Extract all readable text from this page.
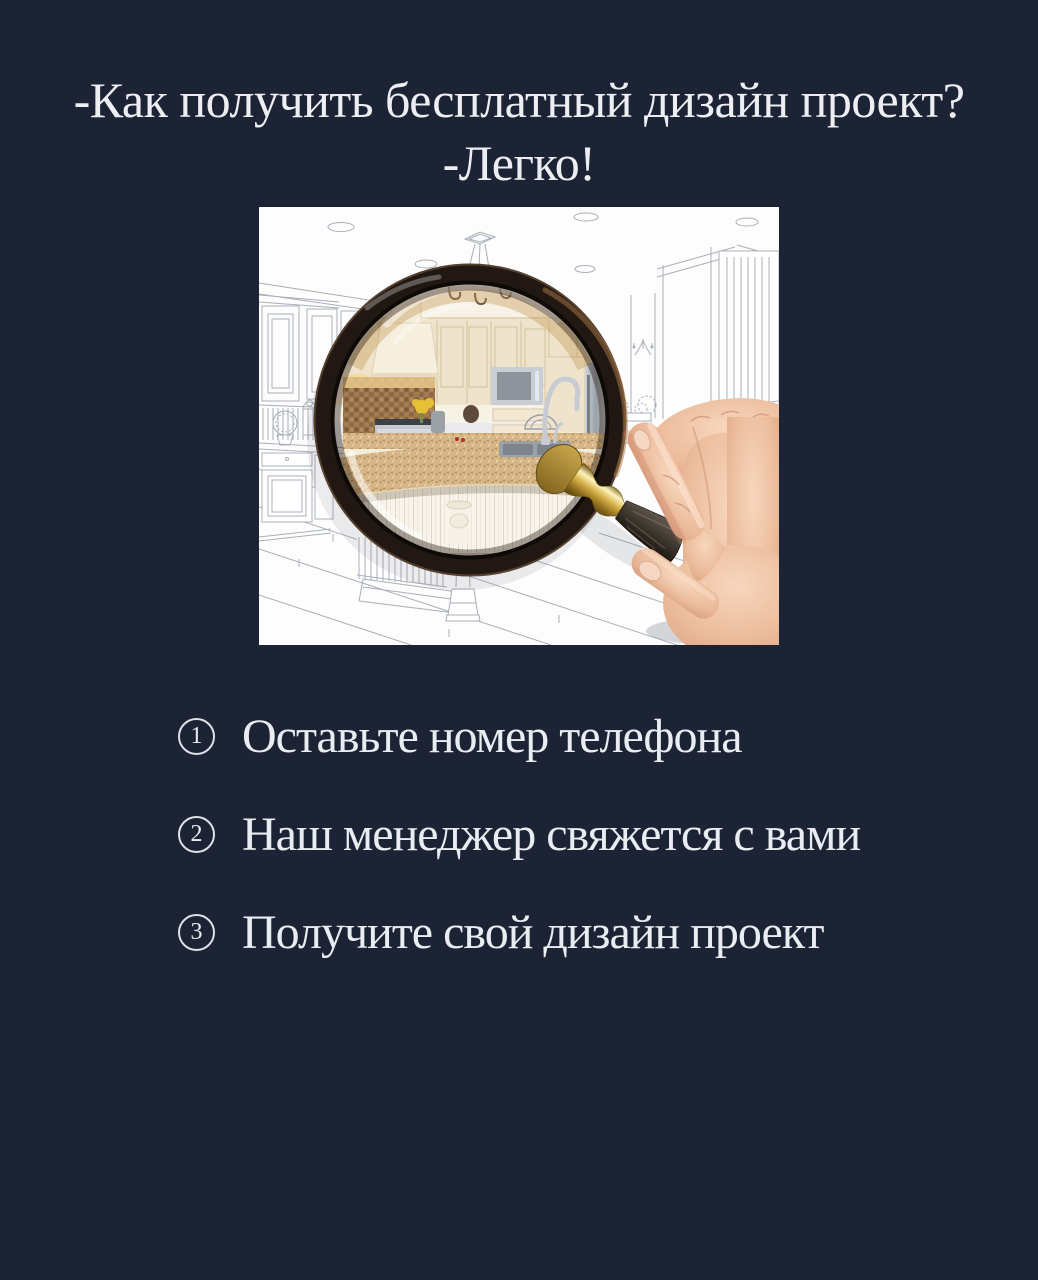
-Как получить бесплатный дизайн проект?
-Легко!
1 Оставьте номер телефона
2 Наш менеджер свяжется с вами
3 Получите свой дизайн проект
